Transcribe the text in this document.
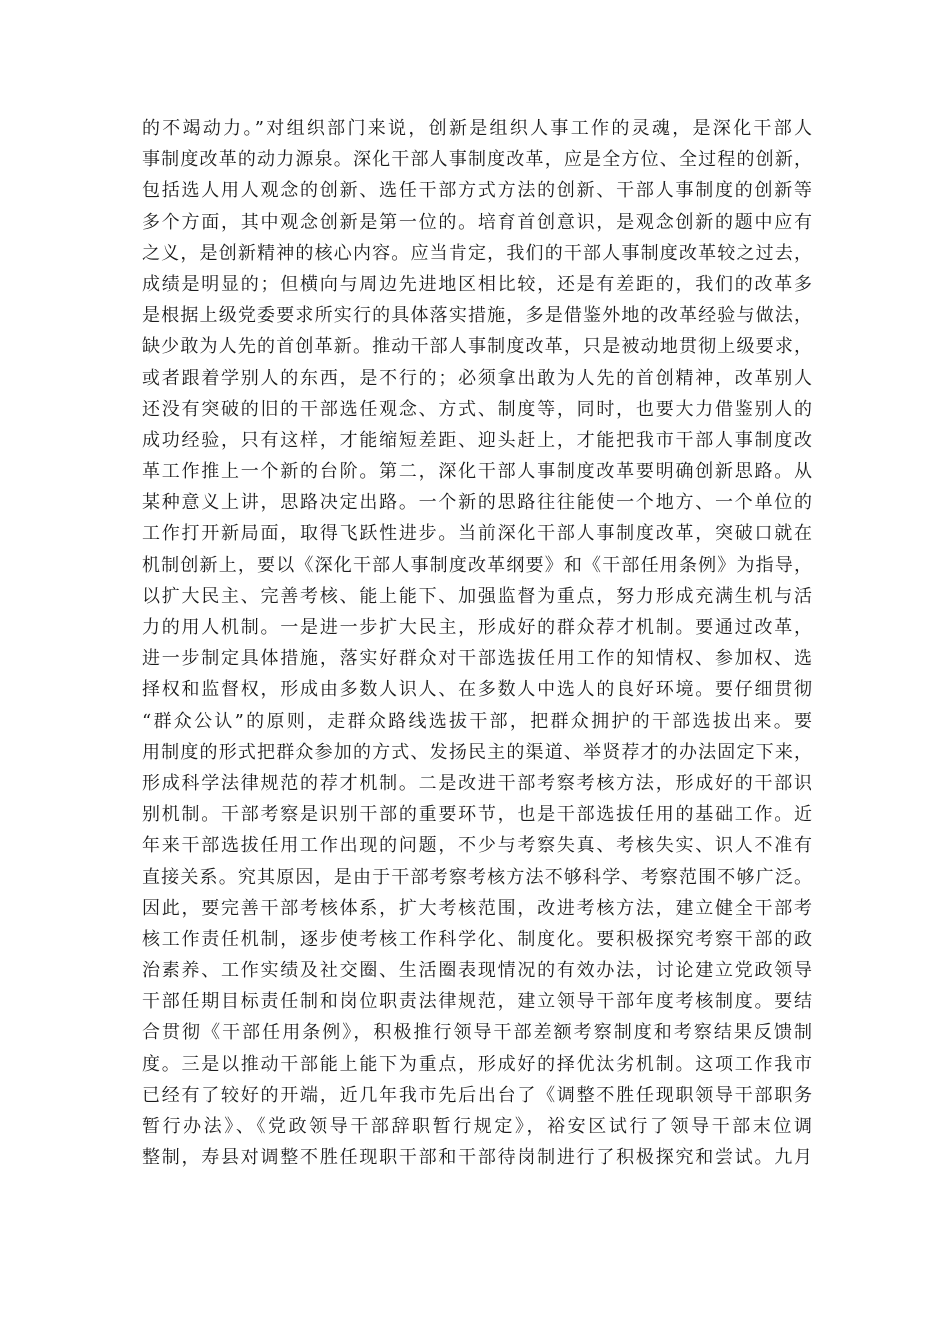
的不竭动力。”对组织部门来说，创新是组织人事工作的灵魂，是深化干部人
事制度改革的动力源泉。深化干部人事制度改革，应是全方位、全过程的创新，
包括选人用人观念的创新、选任干部方式方法的创新、干部人事制度的创新等
多个方面，其中观念创新是第一位的。培育首创意识，是观念创新的题中应有
之义，是创新精神的核心内容。应当肯定，我们的干部人事制度改革较之过去，
成绩是明显的；但横向与周边先进地区相比较，还是有差距的，我们的改革多
是根据上级党委要求所实行的具体落实措施，多是借鉴外地的改革经验与做法，
缺少敢为人先的首创革新。推动干部人事制度改革，只是被动地贯彻上级要求，
或者跟着学别人的东西，是不行的；必须拿出敢为人先的首创精神，改革别人
还没有突破的旧的干部选任观念、方式、制度等，同时，也要大力借鉴别人的
成功经验，只有这样，才能缩短差距、迎头赶上，才能把我市干部人事制度改
革工作推上一个新的台阶。第二，深化干部人事制度改革要明确创新思路。从
某种意义上讲，思路决定出路。一个新的思路往往能使一个地方、一个单位的
工作打开新局面，取得飞跃性进步。当前深化干部人事制度改革，突破口就在
机制创新上，要以《深化干部人事制度改革纲要》和《干部任用条例》为指导，
以扩大民主、完善考核、能上能下、加强监督为重点，努力形成充满生机与活
力的用人机制。一是进一步扩大民主，形成好的群众荐才机制。要通过改革，
进一步制定具体措施，落实好群众对干部选拔任用工作的知情权、参加权、选
择权和监督权，形成由多数人识人、在多数人中选人的良好环境。要仔细贯彻
“群众公认”的原则，走群众路线选拔干部，把群众拥护的干部选拔出来。要
用制度的形式把群众参加的方式、发扬民主的渠道、举贤荐才的办法固定下来，
形成科学法律规范的荐才机制。二是改进干部考察考核方法，形成好的干部识
别机制。干部考察是识别干部的重要环节，也是干部选拔任用的基础工作。近
年来干部选拔任用工作出现的问题，不少与考察失真、考核失实、识人不准有
直接关系。究其原因，是由于干部考察考核方法不够科学、考察范围不够广泛。
因此，要完善干部考核体系，扩大考核范围，改进考核方法，建立健全干部考
核工作责任机制，逐步使考核工作科学化、制度化。要积极探究考察干部的政
治素养、工作实绩及社交圈、生活圈表现情况的有效办法，讨论建立党政领导
干部任期目标责任制和岗位职责法律规范，建立领导干部年度考核制度。要结
合贯彻《干部任用条例》，积极推行领导干部差额考察制度和考察结果反馈制
度。三是以推动干部能上能下为重点，形成好的择优汰劣机制。这项工作我市
已经有了较好的开端，近几年我市先后出台了《调整不胜任现职领导干部职务
暂行办法》、《党政领导干部辞职暂行规定》，裕安区试行了领导干部末位调
整制，寿县对调整不胜任现职干部和干部待岗制进行了积极探究和尝试。九月
